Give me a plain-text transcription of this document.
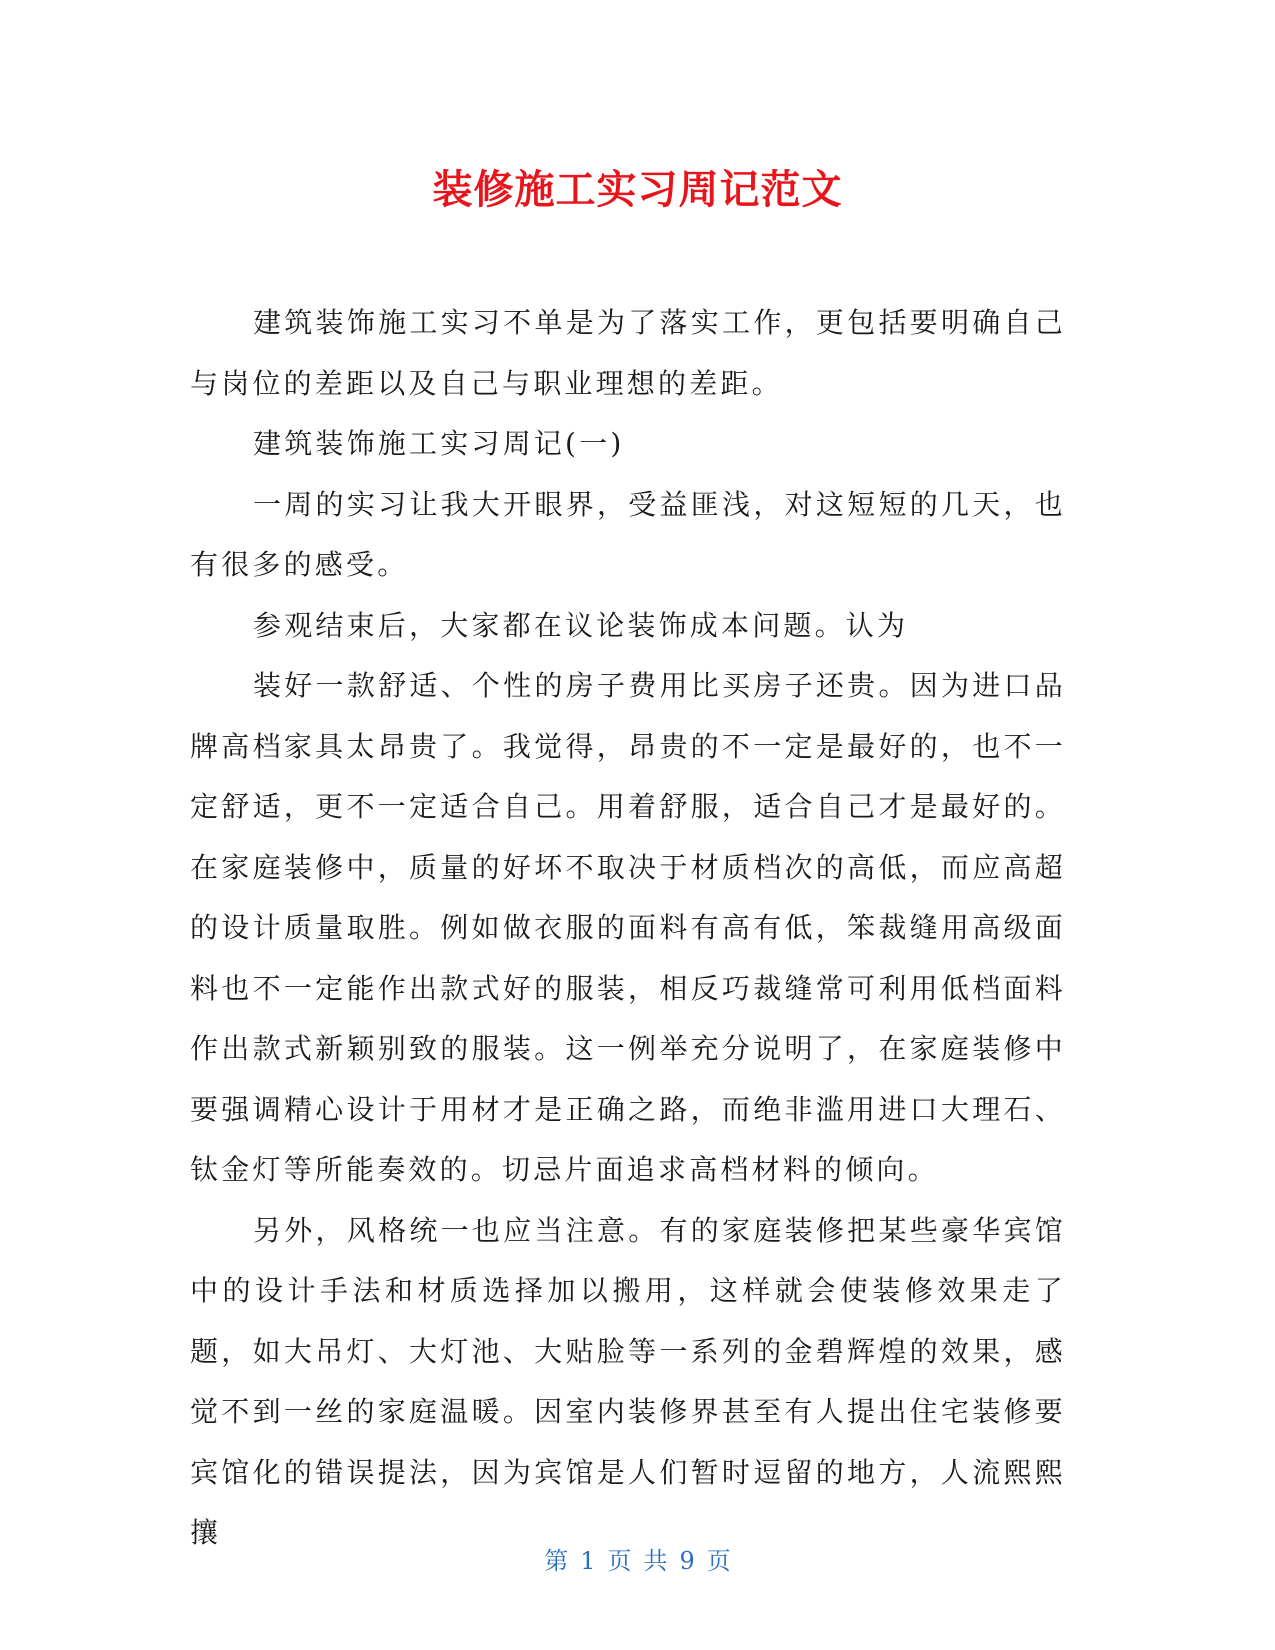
装修施工实习周记范文

建筑装饰施工实习不单是为了落实工作，更包括要明确自己与岗位的差距以及自己与职业理想的差距。

建筑装饰施工实习周记(一)

一周的实习让我大开眼界，受益匪浅，对这短短的几天，也有很多的感受。

参观结束后，大家都在议论装饰成本问题。认为

装好一款舒适、个性的房子费用比买房子还贵。因为进口品牌高档家具太昂贵了。我觉得，昂贵的不一定是最好的，也不一定舒适，更不一定适合自己。用着舒服，适合自己才是最好的。在家庭装修中，质量的好坏不取决于材质档次的高低，而应高超的设计质量取胜。例如做衣服的面料有高有低，笨裁缝用高级面料也不一定能作出款式好的服装，相反巧裁缝常可利用低档面料作出款式新颖别致的服装。这一例举充分说明了，在家庭装修中要强调精心设计于用材才是正确之路，而绝非滥用进口大理石、钛金灯等所能奏效的。切忌片面追求高档材料的倾向。

另外，风格统一也应当注意。有的家庭装修把某些豪华宾馆中的设计手法和材质选择加以搬用，这样就会使装修效果走了题，如大吊灯、大灯池、大贴脸等一系列的金碧辉煌的效果，感觉不到一丝的家庭温暖。因室内装修界甚至有人提出住宅装修要宾馆化的错误提法，因为宾馆是人们暂时逗留的地方，人流熙熙攘

第 1 页 共 9 页
